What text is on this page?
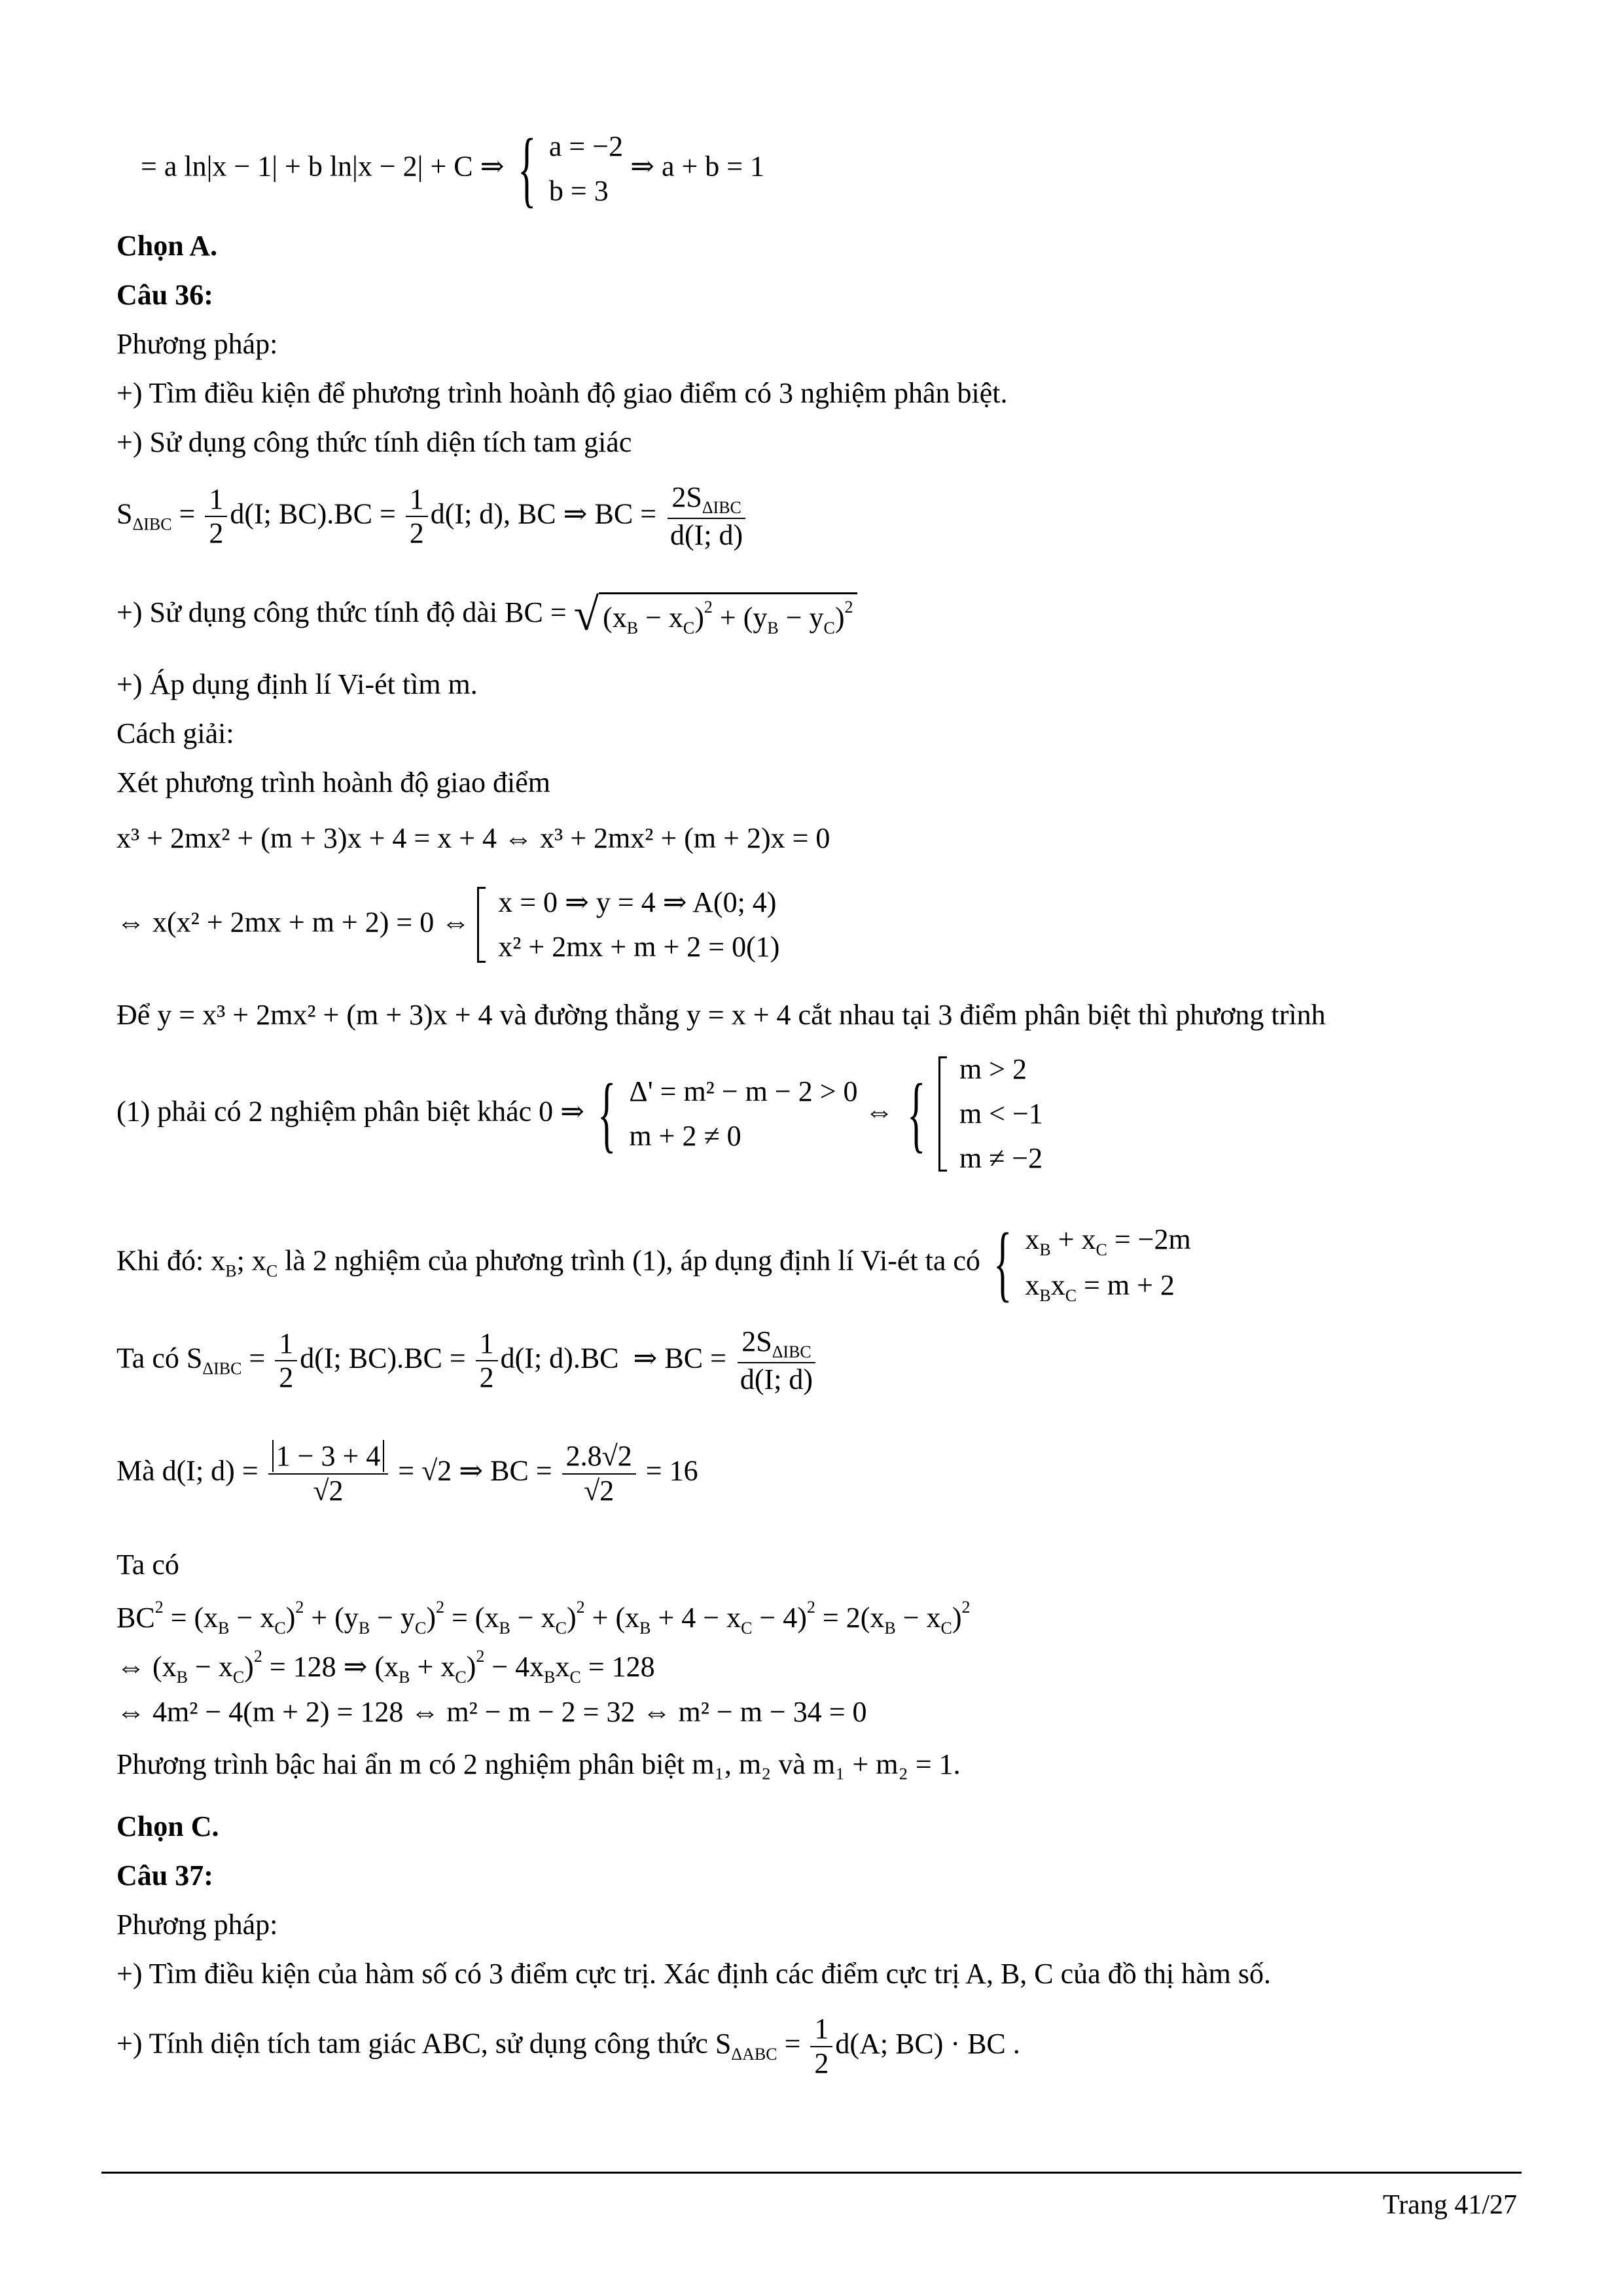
= a ln|x − 1| + b ln|x − 2| + C ⇒ { a = −2
b = 3
⇒ a + b = 1
Chọn A.
Câu 36:
Phương pháp:
+) Tìm điều kiện để phương trình hoành độ giao điểm có 3 nghiệm phân biệt.
+) Sử dụng công thức tính diện tích tam giác
$S_{\Delta IBC} = \frac{1}{2} d(I$; $BC).BC = \frac{1}{2} d(I$; d), BC ⇒ BC = $\frac{2S_{\Delta IBC}}{d(I; d)}$
+) Sử dụng công thức tính độ dài BC = √ $(x_B - x_C)^2 + (y_B - y_C)^2$
+) Áp dụng định lí Vi-ét tìm m.
Cách giải:
Xét phương trình hoành độ giao điểm
x³ + 2mx² + (m + 3)x + 4 = x + 4 ⇔ x³ + 2mx² + (m + 2)x = 0
⇔ x(x² + 2mx + m + 2) = 0 ⇔
x = 0 ⇒ y = 4 ⇒ A(0; 4)
x² + 2mx + m + 2 = 0(1)
Để y = x³ + 2mx² + (m + 3)x + 4 và đường thẳng y = x + 4 cắt nhau tại 3 điểm phân biệt thì phương trình
(1) phải có 2 nghiệm phân biệt khác 0 ⇒ { Δ' = m² − m − 2 > 0
m + 2 ≠ 0
⇔ { m > 2
m < −1
m ≠ −2
Khi đó: $x_B$; $x_C$ là 2 nghiệm của phương trình (1), áp dụng định lí Vi-ét ta có { $x_B + x_C = -2m$
$x_Bx_C = m + 2$
Ta có $S_{\Delta IBC} = \frac{1}{2} d(I$; $BC).BC = \frac{1}{2} d(I$; d).BC  ⇒ BC = $\frac{2S_{\Delta IBC}}{d(I; d)}$
Mà d(I; $d) = \frac{1 - 3 + 4}{√2} = √2$ ⇒ BC = $\frac{2.8√2}{√2} = 16$
Ta có
$BC^2 = (x_B - x_C)^2 + (y_B - y_C)^2 = (x_B - x_C)^2 + (x_B + 4 - x_C - 4)^2 = 2(x_B - x_C)^2$
⇔ $(x_B - x_C)^2 = 128$ ⇒ $(x_B + x_C)^2 - 4x_Bx_C = 128$
⇔ 4m² − 4(m + 2) = 128 ⇔ m² − m − 2 = 32 ⇔ m² − m − 34 = 0
Phương trình bậc hai ẩn m có 2 nghiệm phân biệt m₁, m₂ và m₁ + m₂ = 1.
Chọn C.
Câu 37:
Phương pháp:
+) Tìm điều kiện của hàm số có 3 điểm cực trị. Xác định các điểm cực trị A, B, C của đồ thị hàm số.
+) Tính diện tích tam giác ABC, sử dụng công thức $S_{\Delta ABC} = \frac{1}{2} d(A$; BC) · BC .
Trang 41/27
